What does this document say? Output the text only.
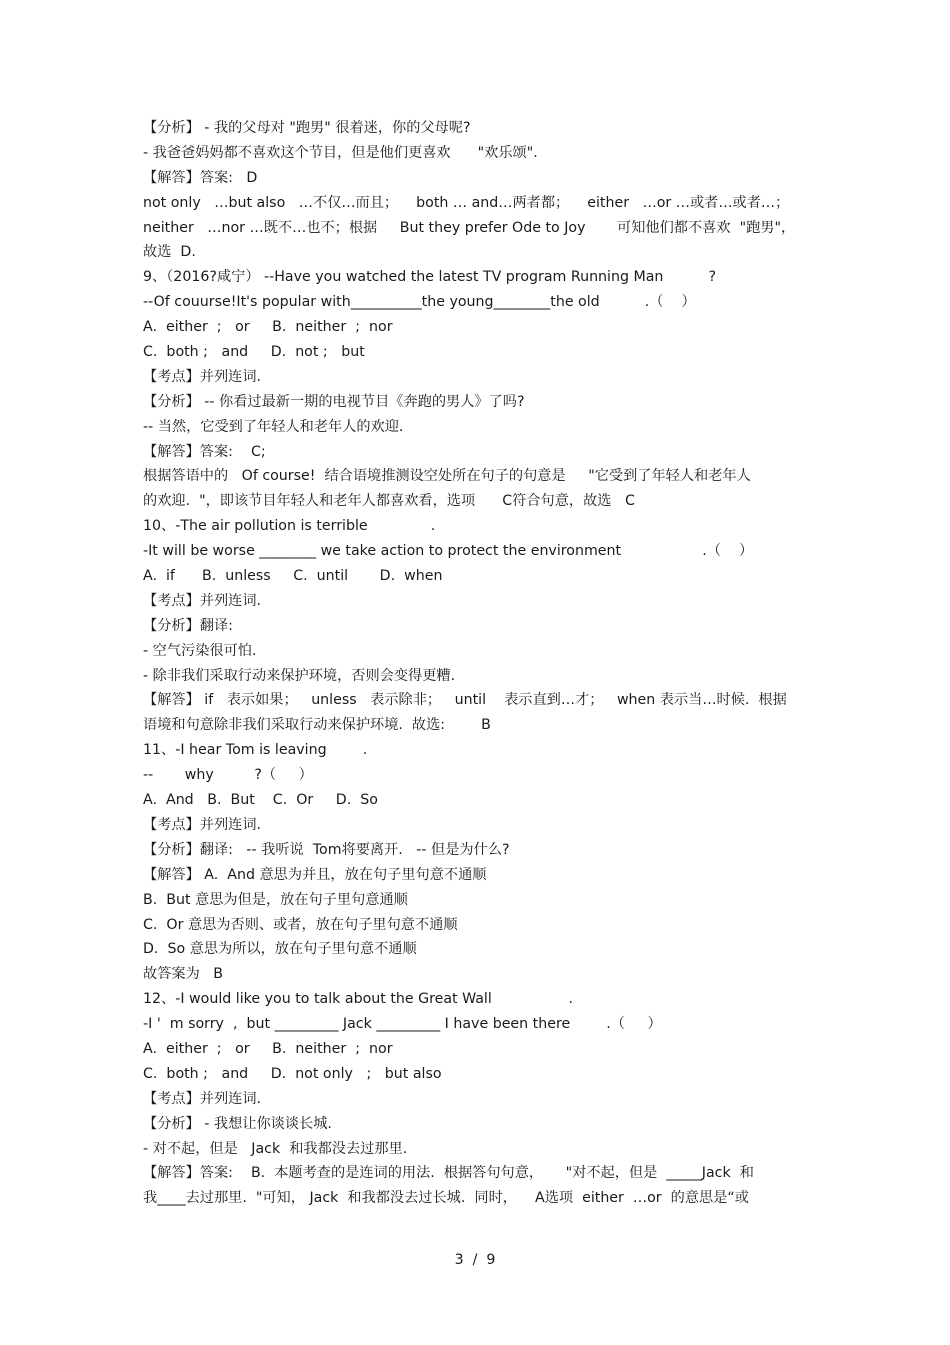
【分析】 - 我的父母对 "跑男" 很着迷，你的父母呢?
- 我爸爸妈妈都不喜欢这个节目，但是他们更喜欢      "欢乐颂".
【解答】答案:   D
not only   …but also   …不仅…而且；    both … and…两者都；    either   …or …或者…或者…；
neither   …nor …既不…也不；根据     But they prefer Ode to Joy       可知他们都不喜欢  "跑男"，
故选  D.
9、（2016?咸宁） --Have you watched the latest TV program Running Man          ?
--Of couurse!It's popular with__________the young________the old          .（    ）
A.  either  ;   or     B.  neither  ;  nor
C.  both ;   and     D.  not ;   but
【考点】并列连词.
【分析】 -- 你看过最新一期的电视节目《奔跑的男人》了吗?
-- 当然，它受到了年轻人和老年人的欢迎.
【解答】答案:    C;
根据答语中的   Of course!  结合语境推测设空处所在句子的句意是     "它受到了年轻人和老年人
的欢迎.  "，即该节目年轻人和老年人都喜欢看，选项      C符合句意，故选   C
10、-The air pollution is terrible              .
-It will be worse ________ we take action to protect the environment                  .（    ）
A.  if      B.  unless     C.  until       D.  when
【考点】并列连词.
【分析】翻译:
- 空气污染很可怕.
- 除非我们采取行动来保护环境，否则会变得更糟.
【解答】 if   表示如果；   unless   表示除非；   until    表示直到…才；   when 表示当…时候.  根据
语境和句意除非我们采取行动来保护环境.  故选:        B
11、-I hear Tom is leaving        .
--       why         ?（     ）
A.  And   B.  But    C.  Or     D.  So
【考点】并列连词.
【分析】翻译:   -- 我听说  Tom将要离开.   -- 但是为什么?
【解答】 A.  And 意思为并且，放在句子里句意不通顺
B.  But 意思为但是，放在句子里句意通顺
C.  Or 意思为否则、或者，放在句子里句意不通顺
D.  So 意思为所以，放在句子里句意不通顺
故答案为   B
12、-I would like you to talk about the Great Wall                 .
-I '  m sorry  ,  but _________ Jack _________ I have been there        .（     ）
A.  either  ;   or     B.  neither  ;  nor
C.  both ;   and     D.  not only   ;   but also
【考点】并列连词.
【分析】 - 我想让你谈谈长城.
- 对不起，但是   Jack  和我都没去过那里.
【解答】答案:    B.  本题考查的是连词的用法.  根据答句句意，     "对不起，但是  _____Jack  和
我____去过那里.  "可知， Jack  和我都没去过长城.  同时，    A选项  either  …or  的意思是“或
3  /  9
